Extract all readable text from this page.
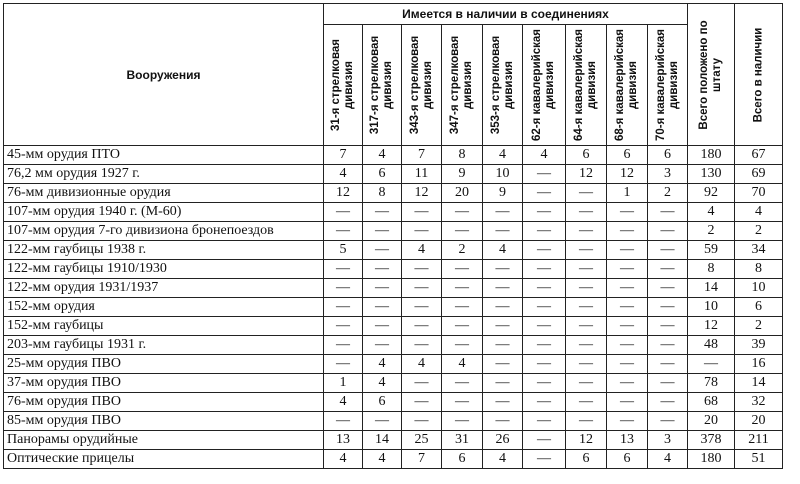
Вооружения	Имеется в наличии в соединениях									Всего положено по штату	Всего в наличии

	31-я стрелковая дивизия	317-я стрелковая дивизия	343-я стрелковая дивизия	347-я стрелковая дивизия	353-я стрелковая дивизия	62-я кавалерийская дивизия	64-я кавалерийская дивизия	68-я кавалерийская дивизия	70-я кавалерийская дивизия		

45-мм орудия ПТО	7	4	7	8	4	4	6	6	6	180	67
76,2 мм орудия 1927 г.	4	6	11	9	10	—	12	12	3	130	69
76-мм дивизионные орудия	12	8	12	20	9	—	—	1	2	92	70
107-мм орудия 1940 г. (М-60)	—	—	—	—	—	—	—	—	—	4	4
107-мм орудия 7-го дивизиона бронепоездов	—	—	—	—	—	—	—	—	—	2	2
122-мм гаубицы 1938 г.	5	—	4	2	4	—	—	—	—	59	34
122-мм гаубицы 1910/1930	—	—	—	—	—	—	—	—	—	8	8
122-мм орудия 1931/1937	—	—	—	—	—	—	—	—	—	14	10
152-мм орудия	—	—	—	—	—	—	—	—	—	10	6
152-мм гаубицы	—	—	—	—	—	—	—	—	—	12	2
203-мм гаубицы 1931 г.	—	—	—	—	—	—	—	—	—	48	39
25-мм орудия ПВО	—	4	4	4	—	—	—	—	—	—	16
37-мм орудия ПВО	1	4	—	—	—	—	—	—	—	78	14
76-мм орудия ПВО	4	6	—	—	—	—	—	—	—	68	32
85-мм орудия ПВО	—	—	—	—	—	—	—	—	—	20	20
Панорамы орудийные	13	14	25	31	26	—	12	13	3	378	211
Оптические прицелы	4	4	7	6	4	—	6	6	4	180	51
